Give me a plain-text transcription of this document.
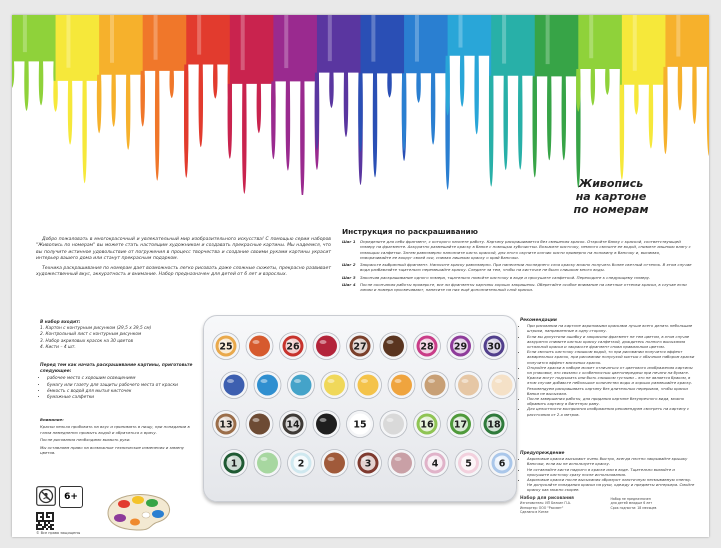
Живопись
на картоне
по номерам

Добро пожаловать в многокрасочный и увлекательный мир изобразительного искусства! С помощью серии наборов "Живопись по номерам" вы можете стать настоящим художником и создавать прекрасные картины. Мы надеемся, что вы получите истинное удовольствие от погружения в процесс творчества и создание своими руками картины украсит интерьер вашего дома или станут прекрасным подарком.

Техника раскрашивания по номерам дает возможность легко рисовать даже сложные сюжеты, прекрасно развивает художественный вкус, аккуратность и внимание. Набор предназначен для детей от 6 лет и взрослых.

Инструкция по раскрашиванию
Шаг 1	Определите для себя фрагмент, с которого начнете работу. Картину раскрашивается без смешения красок. Откройте банку с краской, соответствующей номеру на фрагменте. Аккуратно размешайте краску в банке с помощью зубочистки. Возьмите кисточку, немного смочите ее водой, снимите лишнюю влагу с помощью салфетки. Затем равномерно наполните кисть краской, для этого окуните кончик кисти примерно на половину в баночку и, вынимая, поворачивайте ее вокруг своей оси, снимая лишнюю краску о край баночки.
Шаг 2	Закрасьте выбранный фрагмент. Наносите краску равномерно. При нанесении последнего слоя краску можно получить более светлый оттенок. В этом случае вода разбавляйте тщательно перемешайте краску. Следите за тем, чтобы на кисточке не было слишком много воды.
Шаг 3	Закончив раскрашивание одного номера, тщательно помойте кисточку в воде и просушите салфеткой. Переходите к следующему номеру.
Шаг 4	После окончания работы проверьте, все ли фрагменты картины хорошо закрашены. Оберегайте особое внимание на светлые оттенки краски, в случае если линии и номера просвечивают, нанесите на них ещё дополнительный слой краски.
В набор входит:
1. Картон с контурным рисунком (29,5 х 39,5 см)
2. Контрольный лист с контурным рисунком
3. Набор акриловых красок на 30 цветов
4. Кисти – 4 шт.
Перед тем как начать раскрашивание картины, приготовьте следующее:
• рабочее место с хорошим освещением
• бумагу или газету для защиты рабочего места от краски
• ёмкость с водой для мытья кисточек
• бумажные салфетки

Внимание:

Краски нельзя пробовать на вкус и принимать в пищу, при попадании в глаза немедленно промыть водой и обратиться к врачу.

После рисования необходимо вымыть руки.

Мы оставляем право на возможные технические изменения и замену цветов.

25	26	27	28 29 30
13	14	15	16 17 18
1	2	3	4	5	6
Рекомендации
• При рисовании на картоне акриловыми красками лучше всего делать небольшие штрихи, направленные в одну сторону.
• Если вы допустили ошибку и закрасили фрагмент не тем цветом, в этом случае аккуратно снимите кистью краску салфеткой, дождитесь полного высыхания остальной краски и закрасьте фрагмент снова правильным цветом.
• Если смочить кисточку слишком водой, то при рисовании получится эффект акварельных красок, при рисовании полусухой кистью с обычным набором краски получится эффект масляных красок.
• Откройте краски в наборе может отличаться от цветового изображения картины на упаковке, это связано с особенностью цветопередачи при печати на бумаге.
• Краски могут подсыхать или быть слишком густыми – это не является браком, в этом случае добавьте небольшое количество воды и хорошо размешайте краску. Рекомендуем раскрашивать картину без длительных перерывов, чтобы краски банки не высыхали.
• После завершения работы, для придания картине безупречного вида, можно обрамить картину в багетную раму.
• Для целостности восприятия изображения рекомендуем смотреть на картину с расстояния от 2-х метров.
Предупреждение
• Акриловые краски высыхают очень быстро, всегда плотно закрывайте крышку баночки, если вы не используете краску.
• Не оставляйте кисти надолго в краске или в воде. Тщательно вымойте и просушите кисточку сразу после использования.
• Акриловые краски после высыхания образуют эластичную несмываемую пленку. Не допускайте попадания краски на руки, одежду и предметы интерьера. Смойте краску как можно скорее.
Набор для рисования
Изготовитель: ИП Белкин П.А.
Импортер: ООО "Рассвет"
Сделано в Китае
Набор не предназначен
для детей младше 6 лет
Срок годности: 18 месяцев
6+
© Все права защищены
